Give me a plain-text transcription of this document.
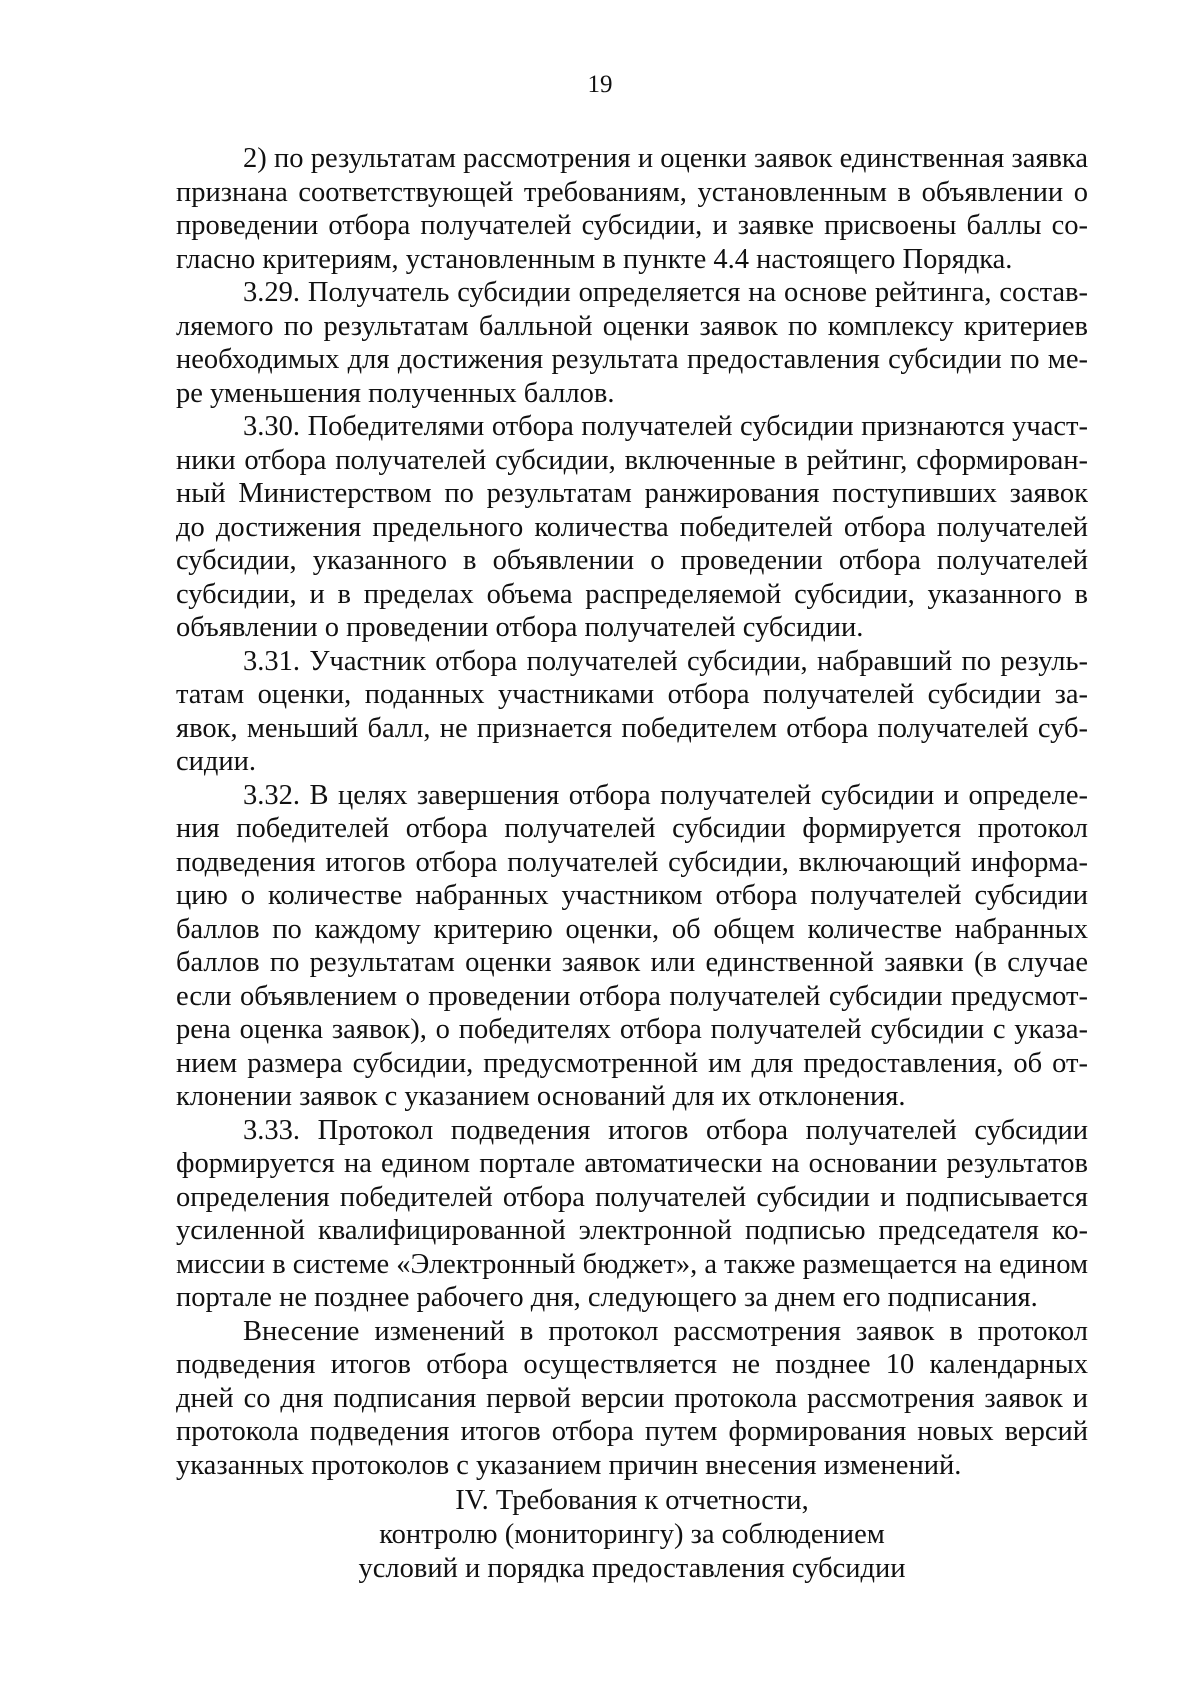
19

2) по результатам рассмотрения и оценки заявок единственная заявка признана соответствующей требованиям, установленным в объявлении о проведении отбора получателей субсидии, и заявке присвоены баллы согласно критериям, установленным в пункте 4.4 настоящего Порядка.

3.29. Получатель субсидии определяется на основе рейтинга, составляемого по результатам балльной оценки заявок по комплексу критериев необходимых для достижения результата предоставления субсидии по мере уменьшения полученных баллов.

3.30. Победителями отбора получателей субсидии признаются участники отбора получателей субсидии, включенные в рейтинг, сформированный Министерством по результатам ранжирования поступивших заявок до достижения предельного количества победителей отбора получателей субсидии, указанного в объявлении о проведении отбора получателей субсидии, и в пределах объема распределяемой субсидии, указанного в объявлении о проведении отбора получателей субсидии.

3.31. Участник отбора получателей субсидии, набравший по результатам оценки, поданных участниками отбора получателей субсидии заявок, меньший балл, не признается победителем отбора получателей субсидии.

3.32. В целях завершения отбора получателей субсидии и определения победителей отбора получателей субсидии формируется протокол подведения итогов отбора получателей субсидии, включающий информацию о количестве набранных участником отбора получателей субсидии баллов по каждому критерию оценки, об общем количестве набранных баллов по результатам оценки заявок или единственной заявки (в случае если объявлением о проведении отбора получателей субсидии предусмотрена оценка заявок), о победителях отбора получателей субсидии с указанием размера субсидии, предусмотренной им для предоставления, об отклонении заявок с указанием оснований для их отклонения.

3.33. Протокол подведения итогов отбора получателей субсидии формируется на едином портале автоматически на основании результатов определения победителей отбора получателей субсидии и подписывается усиленной квалифицированной электронной подписью председателя комиссии в системе «Электронный бюджет», а также размещается на едином портале не позднее рабочего дня, следующего за днем его подписания.

Внесение изменений в протокол рассмотрения заявок в протокол подведения итогов отбора осуществляется не позднее 10 календарных дней со дня подписания первой версии протокола рассмотрения заявок и протокола подведения итогов отбора путем формирования новых версий указанных протоколов с указанием причин внесения изменений.

IV. Требования к отчетности,
контролю (мониторингу) за соблюдением
условий и порядка предоставления субсидии
